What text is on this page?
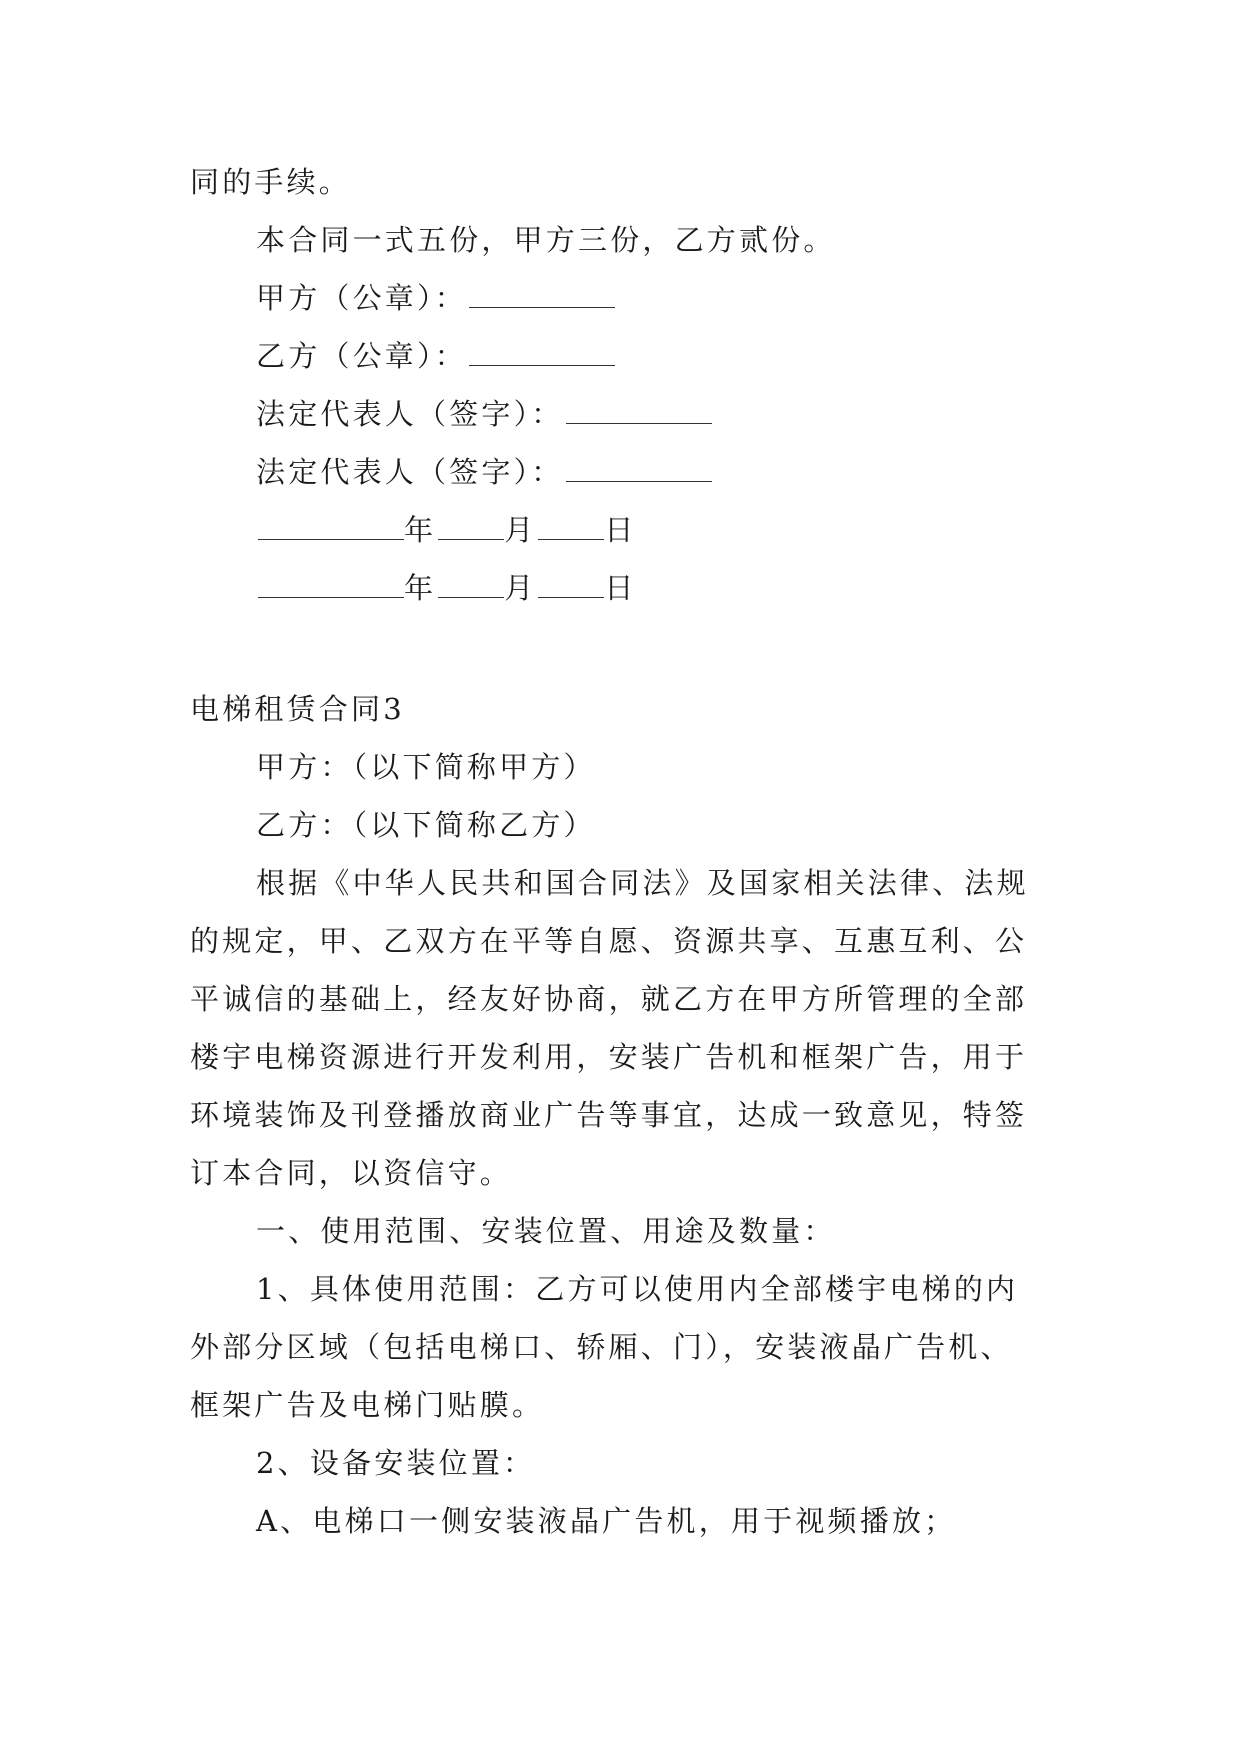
同的手续。
本合同一式五份，甲方三份，乙方贰份。
甲方（公章）：
乙方（公章）：
法定代表人（签字）：
法定代表人（签字）：
年 月 日
年 月 日
电梯租赁合同3
甲方：（以下简称甲方）
乙方：（以下简称乙方）
根据《中华人民共和国合同法》及国家相关法律、法规
的规定，甲、乙双方在平等自愿、资源共享、互惠互利、公
平诚信的基础上，经友好协商，就乙方在甲方所管理的全部
楼宇电梯资源进行开发利用，安装广告机和框架广告，用于
环境装饰及刊登播放商业广告等事宜，达成一致意见，特签
订本合同，以资信守。
一、使用范围、安装位置、用途及数量：
1、具体使用范围：乙方可以使用内全部楼宇电梯的内
外部分区域（包括电梯口、轿厢、门），安装液晶广告机、
框架广告及电梯门贴膜。
2、设备安装位置：
A、电梯口一侧安装液晶广告机，用于视频播放；
